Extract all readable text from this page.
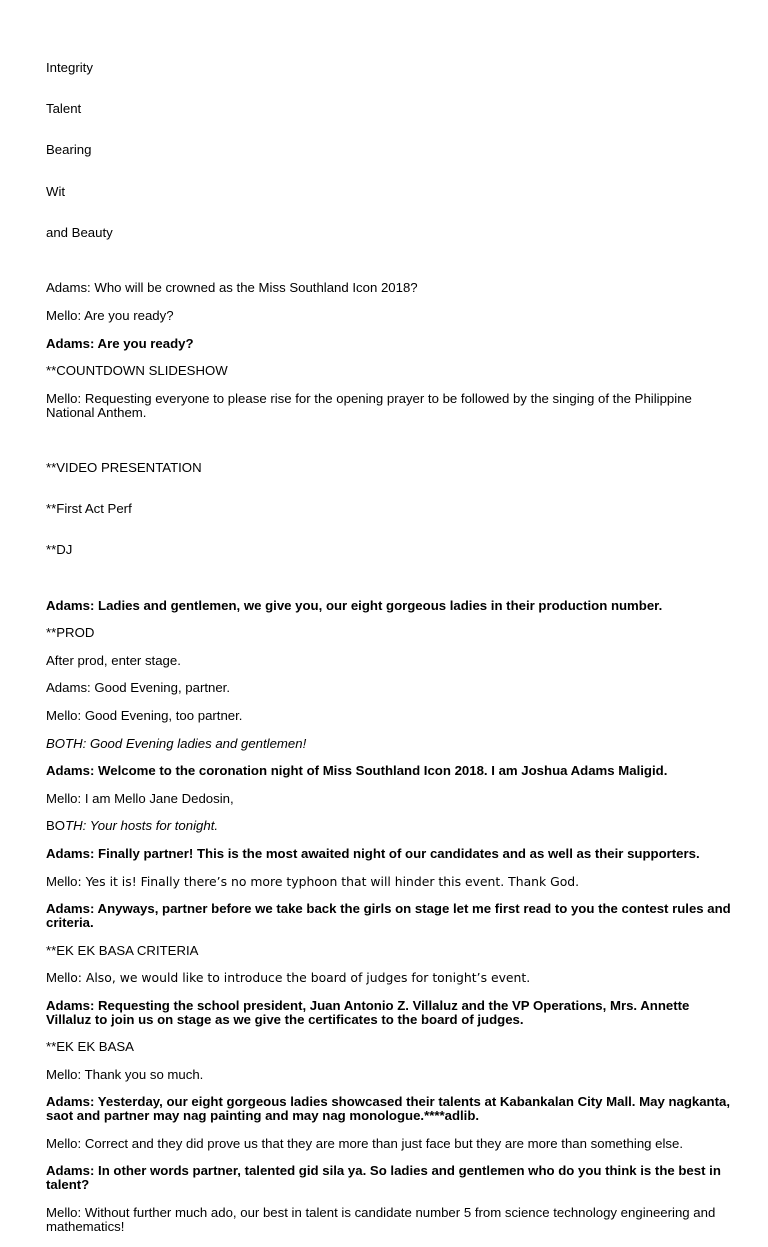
Integrity

Talent

Bearing

Wit

and Beauty

Adams: Who will be crowned as the Miss Southland Icon 2018?

Mello: Are you ready?

Adams: Are you ready?

**COUNTDOWN SLIDESHOW

Mello: Requesting everyone to please rise for the opening prayer to be followed by the singing of the Philippine National Anthem.

**VIDEO PRESENTATION

**First Act Perf

**DJ

Adams: Ladies and gentlemen, we give you, our eight gorgeous ladies in their production number.

**PROD

After prod, enter stage.

Adams: Good Evening, partner.

Mello: Good Evening, too partner.

BOTH: Good Evening ladies and gentlemen!

Adams: Welcome to the coronation night of Miss Southland Icon 2018. I am Joshua Adams Maligid.

Mello: I am Mello Jane Dedosin,

BOTH: Your hosts for tonight.

Adams: Finally partner! This is the most awaited night of our candidates and as well as their supporters.

Mello: Yes it is! Finally there’s no more typhoon that will hinder this event. Thank God.

Adams: Anyways, partner before we take back the girls on stage let me first read to you the contest rules and criteria.

**EK EK BASA CRITERIA

Mello: Also, we would like to introduce the board of judges for tonight’s event.

Adams: Requesting the school president, Juan Antonio Z. Villaluz and the VP Operations, Mrs. Annette Villaluz to join us on stage as we give the certificates to the board of judges.

**EK EK BASA

Mello: Thank you so much.

Adams: Yesterday, our eight gorgeous ladies showcased their talents at Kabankalan City Mall. May nagkanta, saot and partner may nag painting and may nag monologue.****adlib.

Mello: Correct and they did prove us that they are more than just face but they are more than something else.

Adams: In other words partner, talented gid sila ya. So ladies and gentlemen who do you think is the best in talent?

Mello: Without further much ado, our best in talent is candidate number 5 from science technology engineering and mathematics!
